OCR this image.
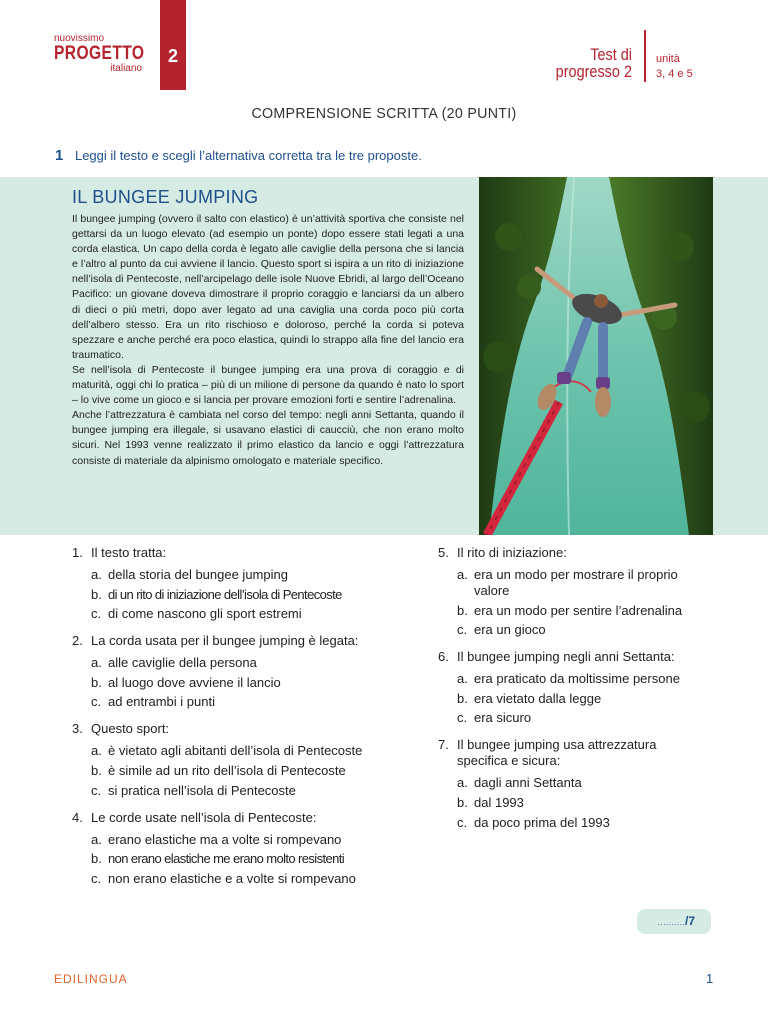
nuovissimo
PROGETTO
italiano
2	Test di
progresso 2
unità
3, 4 e 5
COMPRENSIONE SCRITTA (20 PUNTI)
1 Leggi il testo e scegli l’alternativa corretta tra le tre proposte.
IL BUNGEE JUMPING

Il bungee jumping (ovvero il salto con elastico) è un’attività sportiva che consiste nel gettarsi da un luogo elevato (ad esempio un ponte) dopo essere stati legati a una corda elastica. Un capo della corda è legato alle caviglie della persona che si lancia e l’altro al punto da cui avviene il lancio. Questo sport si ispira a un rito di iniziazione nell’isola di Pentecoste, nell’arcipelago delle isole Nuove Ebridi, al largo dell’Oceano Pacifico: un giovane doveva dimostrare il proprio coraggio e lanciarsi da un albero di dieci o più metri, dopo aver legato ad una caviglia una corda poco più corta dell’albero stesso. Era un rito rischioso e doloroso, perché la corda si poteva spezzare e anche perché era poco elastica, quindi lo strappo alla fine del lancio era traumatico.

Se nell’isola di Pentecoste il bungee jumping era una prova di coraggio e di maturità, oggi chi lo pratica – più di un milione di persone da quando è nato lo sport – lo vive come un gioco e si lancia per provare emozioni forti e sentire l’adrenalina.

Anche l’attrezzatura è cambiata nel corso del tempo: negli anni Settanta, quando il bungee jumping era illegale, si usavano elastici di caucciù, che non erano molto sicuri. Nel 1993 venne realizzato il primo elastico da lancio e oggi l’attrezzatura consiste di materiale da alpinismo omologato e materiale specifico.

1. Il testo tratta:
a. della storia del bungee jumping
b. di un rito di iniziazione dell’isola di Pentecoste
c. di come nascono gli sport estremi
2. La corda usata per il bungee jumping è legata:
a. alle caviglie della persona
b. al luogo dove avviene il lancio
c. ad entrambi i punti
3. Questo sport:
a. è vietato agli abitanti dell’isola di Pentecoste
b. è simile ad un rito dell’isola di Pentecoste
c. si pratica nell’isola di Pentecoste
4. Le corde usate nell’isola di Pentecoste:
a. erano elastiche ma a volte si rompevano
b. non erano elastiche me erano molto resistenti
c. non erano elastiche e a volte si rompevano
5. Il rito di iniziazione:
a. era un modo per mostrare il proprio valore
b. era un modo per sentire l’adrenalina
c. era un gioco
6. Il bungee jumping negli anni Settanta:
a. era praticato da moltissime persone
b. era vietato dalla legge
c. era sicuro
7. Il bungee jumping usa attrezzatura specifica e sicura:
a. dagli anni Settanta
b. dal 1993
c. da poco prima del 1993
........../7
EDILINGUA	1
